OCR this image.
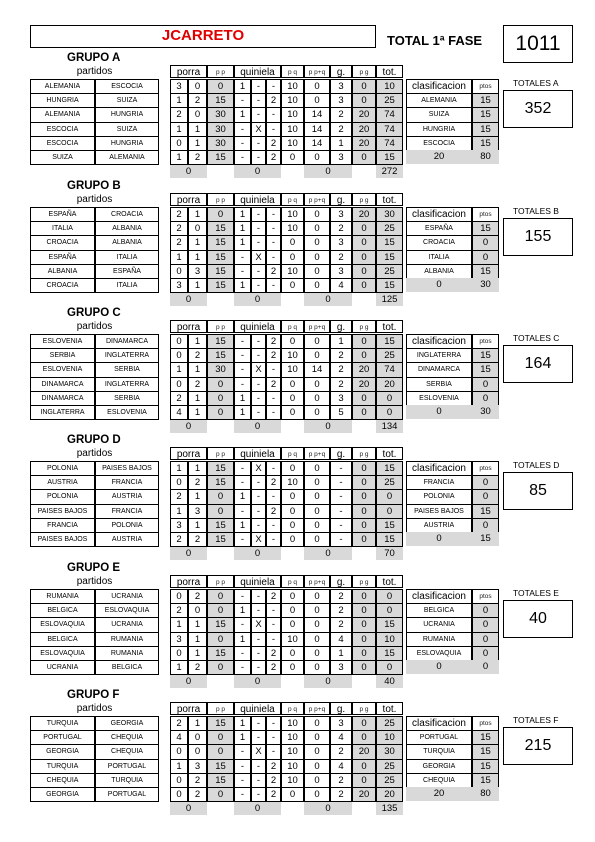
JCARRETO	TOTAL 1ª FASE	1011
GRUPO A
partidos	porra	p p	quiniela	p q	p p+q	g.	p g	tot.
ALEMANIA	ESCOCIA	3	0	0	1	-	-	10	0	3	0	10
HUNGRIA	SUIZA	1	2	15	-	-	2	10	0	3	0	25
ALEMANIA	HUNGRIA	2	0	30	1	-	-	10	14	2	20	74
ESCOCIA	SUIZA	1	1	30	-	X	-	10	14	2	20	74
ESCOCIA	HUNGRIA	0	1	30	-	-	2	10	14	1	20	74
SUIZA	ALEMANIA	1	2	15	-	-	2	0	0	3	0	15
0	0	0	272
clasificacion	ptos
ALEMANIA	15
SUIZA	15
HUNGRIA	15
ESCOCIA	15
20	80
TOTALES A
352
GRUPO B
partidos	porra	p p	quiniela	p q	p p+q	g.	p g	tot.
ESPAÑA	CROACIA	2	1	0	1	-	-	10	0	3	20	30
ITALIA	ALBANIA	2	0	15	1	-	-	10	0	2	0	25
CROACIA	ALBANIA	2	1	15	1	-	-	0	0	3	0	15
ESPAÑA	ITALIA	1	1	15	-	X	-	0	0	2	0	15
ALBANIA	ESPAÑA	0	3	15	-	-	2	10	0	3	0	25
CROACIA	ITALIA	3	1	15	1	-	-	0	0	4	0	15
0	0	0	125
clasificacion	ptos
ESPAÑA	15
CROACIA	0
ITALIA	0
ALBANIA	15
0	30
TOTALES B
155
GRUPO C
partidos	porra	p p	quiniela	p q	p p+q	g.	p g	tot.
ESLOVENIA	DINAMARCA	0	1	15	-	-	2	0	0	1	0	15
SERBIA	INGLATERRA	0	2	15	-	-	2	10	0	2	0	25
ESLOVENIA	SERBIA	1	1	30	-	X	-	10	14	2	20	74
DINAMARCA	INGLATERRA	0	2	0	-	-	2	0	0	2	20	20
DINAMARCA	SERBIA	2	1	0	1	-	-	0	0	3	0	0
INGLATERRA	ESLOVENIA	4	1	0	1	-	-	0	0	5	0	0
0	0	0	134
clasificacion	ptos
INGLATERRA	15
DINAMARCA	15
SERBIA	0
ESLOVENIA	0
0	30
TOTALES C
164
GRUPO D
partidos	porra	p p	quiniela	p q	p p+q	g.	p g	tot.
POLONIA	PAISES BAJOS	1	1	15	-	X	-	0	0	-	0	15
AUSTRIA	FRANCIA	0	2	15	-	-	2	10	0	-	0	25
POLONIA	AUSTRIA	2	1	0	1	-	-	0	0	-	0	0
PAISES BAJOS	FRANCIA	1	3	0	-	-	2	0	0	-	0	0
FRANCIA	POLONIA	3	1	15	1	-	-	0	0	-	0	15
PAISES BAJOS	AUSTRIA	2	2	15	-	X	-	0	0	-	0	15
0	0	0	70
clasificacion	ptos
FRANCIA	0
POLONIA	0
PAISES BAJOS	15
AUSTRIA	0
0	15
TOTALES D
85
GRUPO E
partidos	porra	p p	quiniela	p q	p p+q	g.	p g	tot.
RUMANIA	UCRANIA	0	2	0	-	-	2	0	0	2	0	0
BELGICA	ESLOVAQUIA	2	0	0	1	-	-	0	0	2	0	0
ESLOVAQUIA	UCRANIA	1	1	15	-	X	-	0	0	2	0	15
BELGICA	RUMANIA	3	1	0	1	-	-	10	0	4	0	10
ESLOVAQUIA	RUMANIA	0	1	15	-	-	2	0	0	1	0	15
UCRANIA	BELGICA	1	2	0	-	-	2	0	0	3	0	0
0	0	0	40
clasificacion	ptos
BELGICA	0
UCRANIA	0
RUMANIA	0
ESLOVAQUIA	0
0	0
TOTALES E
40
GRUPO F
partidos	porra	p p	quiniela	p q	p p+q	g.	p g	tot.
TURQUIA	GEORGIA	2	1	15	1	-	-	10	0	3	0	25
PORTUGAL	CHEQUIA	4	0	0	1	-	-	10	0	4	0	10
GEORGIA	CHEQUIA	0	0	0	-	X	-	10	0	2	20	30
TURQUIA	PORTUGAL	1	3	15	-	-	2	10	0	4	0	25
CHEQUIA	TURQUIA	0	2	15	-	-	2	10	0	2	0	25
GEORGIA	PORTUGAL	0	2	0	-	-	2	0	0	2	20	20
0	0	0	135
clasificacion	ptos
PORTUGAL	15
TURQUIA	15
GEORGIA	15
CHEQUIA	15
20	80
TOTALES F
215
